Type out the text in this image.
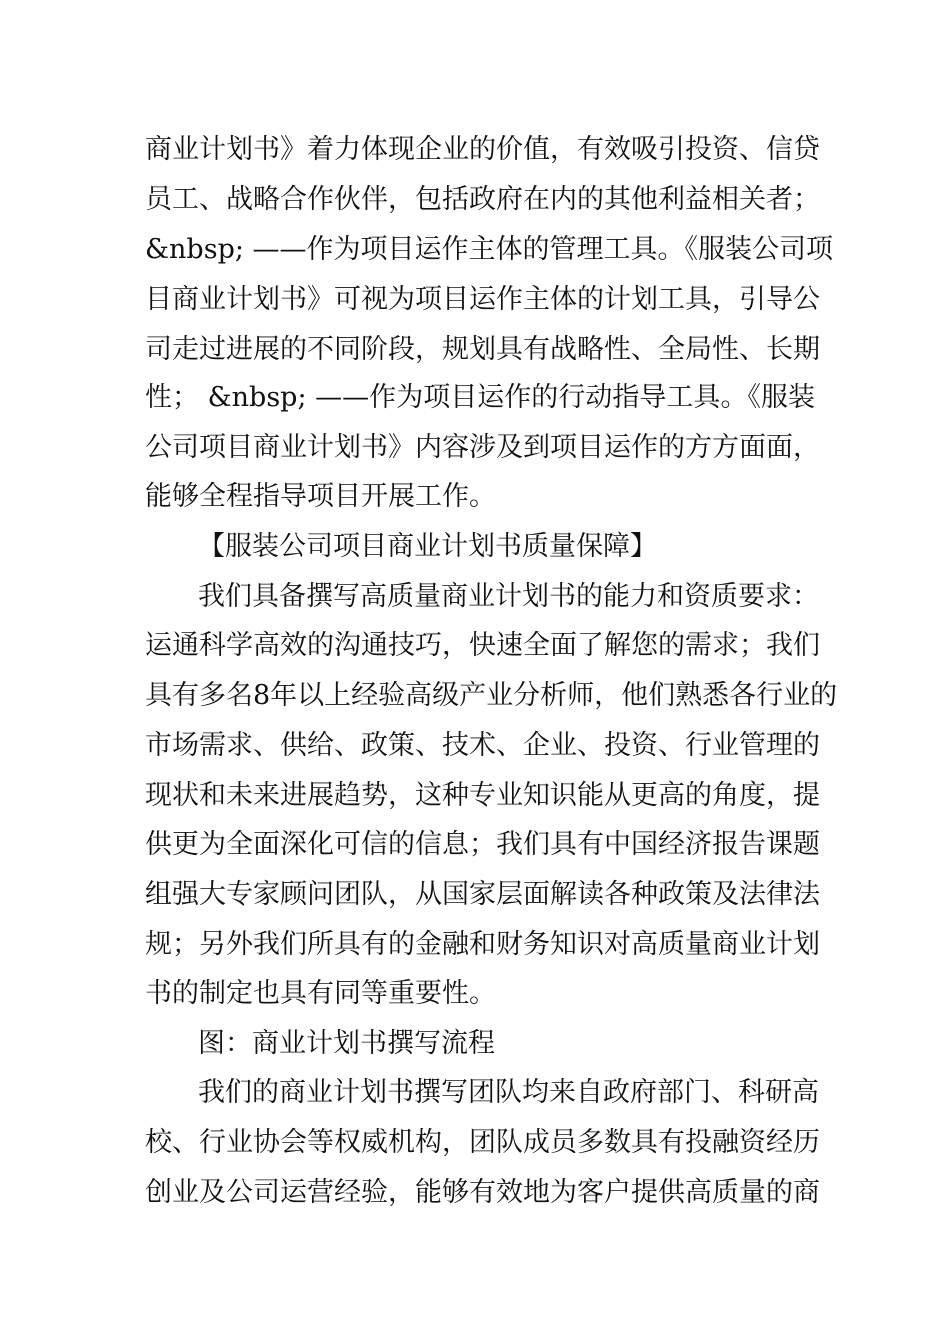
商业计划书》着力体现企业的价值，有效吸引投资、信贷
员工、战略合作伙伴，包括政府在内的其他利益相关者；
&nbsp; ——作为项目运作主体的管理工具。《服装公司项
目商业计划书》可视为项目运作主体的计划工具，引导公
司走过进展的不同阶段，规划具有战略性、全局性、长期
性； &nbsp; ——作为项目运作的行动指导工具。《服装
公司项目商业计划书》内容涉及到项目运作的方方面面，
能够全程指导项目开展工作。
【服装公司项目商业计划书质量保障】
我们具备撰写高质量商业计划书的能力和资质要求：
运通科学高效的沟通技巧，快速全面了解您的需求；我们
具有多名8年以上经验高级产业分析师，他们熟悉各行业的
市场需求、供给、政策、技术、企业、投资、行业管理的
现状和未来进展趋势，这种专业知识能从更高的角度，提
供更为全面深化可信的信息；我们具有中国经济报告课题
组强大专家顾问团队，从国家层面解读各种政策及法律法
规；另外我们所具有的金融和财务知识对高质量商业计划
书的制定也具有同等重要性。
图：商业计划书撰写流程
我们的商业计划书撰写团队均来自政府部门、科研高
校、行业协会等权威机构，团队成员多数具有投融资经历
创业及公司运营经验，能够有效地为客户提供高质量的商
